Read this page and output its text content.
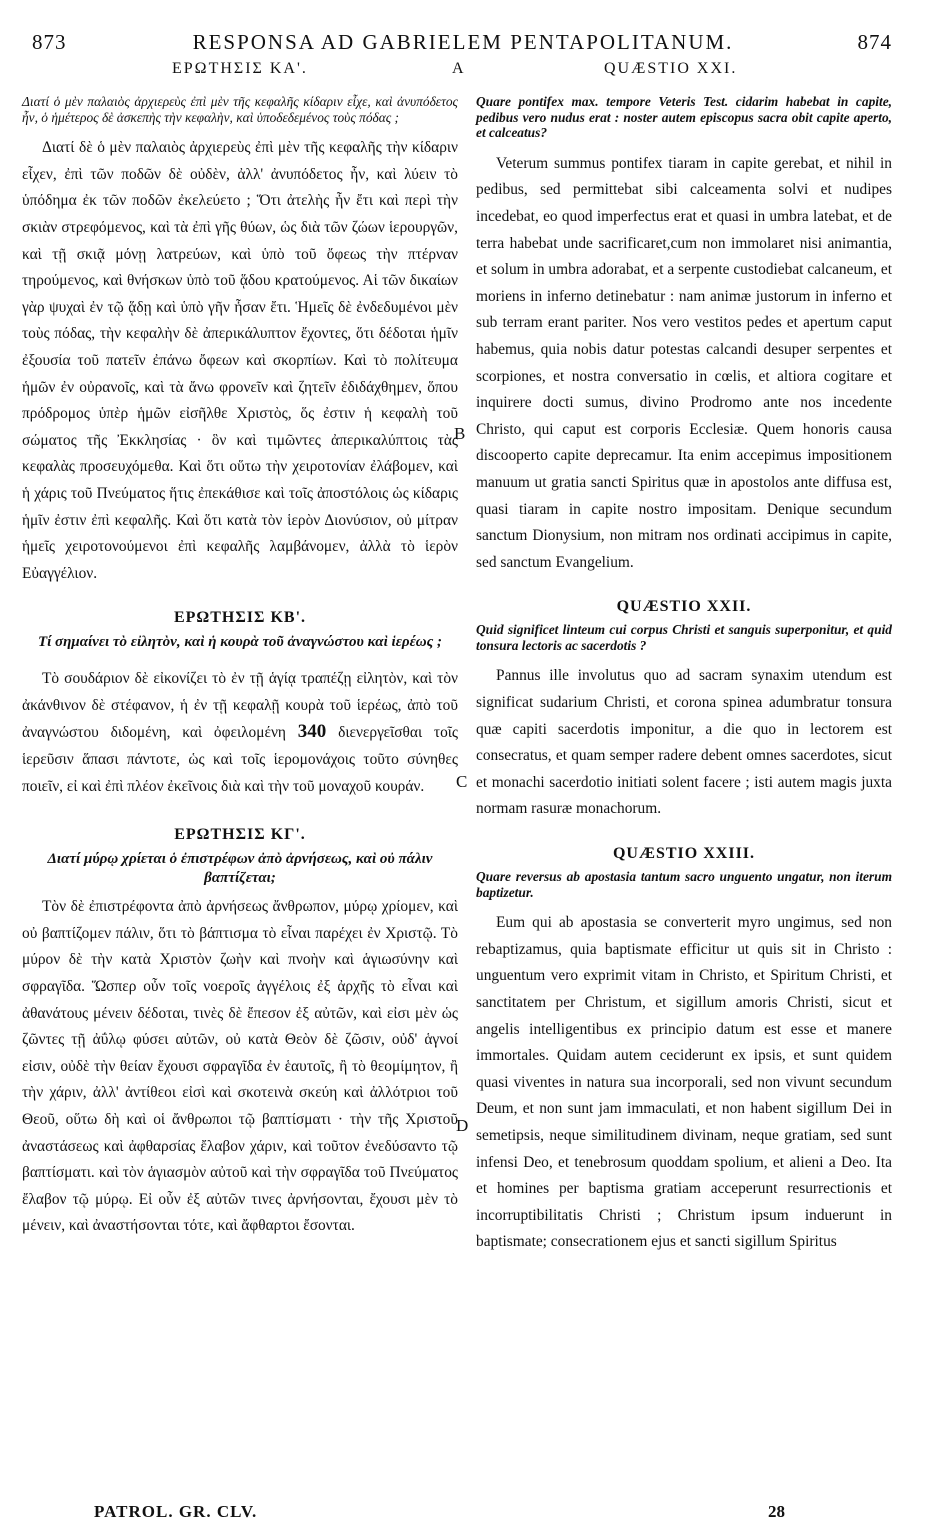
873	RESPONSA AD GABRIELEM PENTAPOLITANUM.	874
ΕΡΩΤΗΣΙΣ ΚΑ'.	A	QUÆSTIO XXI.
B
C
D

Διατί ὁ μὲν παλαιὸς ἀρχιερεὺς ἐπὶ μὲν τῆς κεφαλῆς κίδαριν εἶχε, καὶ ἀνυπόδετος ἦν, ὁ ἡμέτερος δὲ ἀσκεπὴς τὴν κεφαλὴν, καὶ ὑποδεδεμένος τοὺς πόδας ;

Διατί δὲ ὁ μὲν παλαιὸς ἀρχιερεὺς ἐπὶ μὲν τῆς κεφαλῆς τὴν κίδαριν εἶχεν, ἐπὶ τῶν ποδῶν δὲ οὐδὲν, ἀλλ' ἀνυπόδετος ἦν, καὶ λύειν τὸ ὑπόδημα ἐκ τῶν ποδῶν ἐκελεύετο ; Ὅτι ἀτελὴς ἦν ἔτι καὶ περὶ τὴν σκιὰν στρεφόμενος, καὶ τὰ ἐπὶ γῆς θύων, ὡς διὰ τῶν ζώων ἱερουργῶν, καὶ τῇ σκιᾷ μόνῃ λατρεύων, καὶ ὑπὸ τοῦ ὄφεως τὴν πτέρναν τηρούμενος, καὶ θνήσκων ὑπὸ τοῦ ᾅδου κρατούμενος. Αἱ τῶν δικαίων γὰρ ψυχαὶ ἐν τῷ ᾅδῃ καὶ ὑπὸ γῆν ἦσαν ἔτι. Ἡμεῖς δὲ ἐνδεδυμένοι μὲν τοὺς πόδας, τὴν κεφαλὴν δὲ ἀπερικάλυπτον ἔχοντες, ὅτι δέδοται ἡμῖν ἐξουσία τοῦ πατεῖν ἐπάνω ὄφεων καὶ σκορπίων. Καὶ τὸ πολίτευμα ἡμῶν ἐν οὐρανοῖς, καὶ τὰ ἄνω φρονεῖν καὶ ζητεῖν ἐδιδάχθημεν, ὅπου πρόδρομος ὑπὲρ ἡμῶν εἰσῆλθε Χριστὸς, ὅς ἐστιν ἡ κεφαλὴ τοῦ σώματος τῆς Ἐκκλησίας · ὃν καὶ τιμῶντες ἀπερικαλύπτοις τὰς κεφαλὰς προσευχόμεθα. Καὶ ὅτι οὕτω τὴν χειροτονίαν ἐλάβομεν, καὶ ἡ χάρις τοῦ Πνεύματος ἥτις ἐπεκάθισε καὶ τοῖς ἀποστόλοις ὡς κίδαρις ἡμῖν ἐστιν ἐπὶ κεφαλῆς. Καὶ ὅτι κατὰ τὸν ἱερὸν Διονύσιον, οὐ μίτραν ἡμεῖς χειροτονούμενοι ἐπὶ κεφαλῆς λαμβάνομεν, ἀλλὰ τὸ ἱερὸν Εὐαγγέλιον.

ΕΡΩΤΗΣΙΣ ΚΒ'.

Τί σημαίνει τὸ εἰλητὸν, καὶ ἡ κουρὰ τοῦ ἀναγνώστου καὶ ἱερέως ;

Τὸ σουδάριον δὲ εἰκονίζει τὸ ἐν τῇ ἁγίᾳ τραπέζῃ εἰλητὸν, καὶ τὸν ἀκάνθινον δὲ στέφανον, ἡ ἐν τῇ κεφαλῇ κουρὰ τοῦ ἱερέως, ἀπὸ τοῦ ἀναγνώστου διδομένη, καὶ ὀφειλομένη 340 διενεργεῖσθαι τοῖς ἱερεῦσιν ἅπασι πάντοτε, ὡς καὶ τοῖς ἱερομονάχοις τοῦτο σύνηθες ποιεῖν, εἰ καὶ ἐπὶ πλέον ἐκεῖνοις διὰ καὶ τὴν τοῦ μοναχοῦ κουράν.

ΕΡΩΤΗΣΙΣ ΚΓ'.

Διατί μύρῳ χρίεται ὁ ἐπιστρέφων ἀπὸ ἀρνήσεως, καὶ οὐ πάλιν βαπτίζεται;

Τὸν δὲ ἐπιστρέφοντα ἀπὸ ἀρνήσεως ἄνθρωπον, μύρῳ χρίομεν, καὶ οὐ βαπτίζομεν πάλιν, ὅτι τὸ βάπτισμα τὸ εἶναι παρέχει ἐν Χριστῷ. Τὸ μύρον δὲ τὴν κατὰ Χριστὸν ζωὴν καὶ πνοὴν καὶ ἁγιωσύνην καὶ σφραγῖδα. Ὥσπερ οὖν τοῖς νοεροῖς ἀγγέλοις ἐξ ἀρχῆς τὸ εἶναι καὶ ἀθανάτους μένειν δέδοται, τινὲς δὲ ἔπεσον ἐξ αὐτῶν, καὶ εἰσι μὲν ὡς ζῶντες τῇ ἀΰλῳ φύσει αὐτῶν, οὐ κατὰ Θεὸν δὲ ζῶσιν, οὐδ' ἁγνοί εἰσιν, οὐδὲ τὴν θείαν ἔχουσι σφραγῖδα ἐν ἑαυτοῖς, ἢ τὸ θεομίμητον, ἢ τὴν χάριν, ἀλλ' ἀντίθεοι εἰσὶ καὶ σκοτεινὰ σκεύη καὶ ἀλλότριοι τοῦ Θεοῦ, οὕτω δὴ καὶ οἱ ἄνθρωποι τῷ βαπτίσματι · τὴν τῆς Χριστοῦ ἀναστάσεως καὶ ἀφθαρσίας ἔλαβον χάριν, καὶ τοῦτον ἐνεδύσαντο τῷ βαπτίσματι. καὶ τὸν ἁγιασμὸν αὐτοῦ καὶ τὴν σφραγῖδα τοῦ Πνεύματος ἔλαβον τῷ μύρῳ. Εἰ οὖν ἐξ αὐτῶν τινες ἀρνήσονται, ἔχουσι μὲν τὸ μένειν, καὶ ἀναστήσονται τότε, καὶ ἄφθαρτοι ἔσονται.

Quare pontifex max. tempore Veteris Test. cidarim habebat in capite, pedibus vero nudus erat : noster autem episcopus sacra obit capite aperto, et calceatus?

Veterum summus pontifex tiaram in capite gerebat, et nihil in pedibus, sed permittebat sibi calceamenta solvi et nudipes incedebat, eo quod imperfectus erat et quasi in umbra latebat, et de terra habebat unde sacrificaret,cum non immolaret nisi animantia, et solum in umbra adorabat, et a serpente custodiebat calcaneum, et moriens in inferno detinebatur : nam animæ justorum in inferno et sub terram erant pariter. Nos vero vestitos pedes et apertum caput habemus, quia nobis datur potestas calcandi desuper serpentes et scorpiones, et nostra conversatio in cœlis, et altiora cogitare et inquirere docti sumus, divino Prodromo ante nos incedente Christo, qui caput est corporis Ecclesiæ. Quem honoris causa discooperto capite deprecamur. Ita enim accepimus impositionem manuum ut gratia sancti Spiritus quæ in apostolos ante diffusa est, quasi tiaram in capite nostro impositam. Denique secundum sanctum Dionysium, non mitram nos ordinati accipimus in capite, sed sanctum Evangelium.

QUÆSTIO XXII.

Quid significet linteum cui corpus Christi et sanguis superponitur, et quid tonsura lectoris ac sacerdotis ?

Pannus ille involutus quo ad sacram synaxim utendum est significat sudarium Christi, et corona spinea adumbratur tonsura quæ capiti sacerdotis imponitur, a die quo in lectorem est consecratus, et quam semper radere debent omnes sacerdotes, sicut et monachi sacerdotio initiati solent facere ; isti autem magis juxta normam rasuræ monachorum.

QUÆSTIO XXIII.

Quare reversus ab apostasia tantum sacro unguento ungatur, non iterum baptizetur.

Eum qui ab apostasia se converterit myro ungimus, sed non rebaptizamus, quia baptismate efficitur ut quis sit in Christo : unguentum vero exprimit vitam in Christo, et Spiritum Christi, et sanctitatem per Christum, et sigillum amoris Christi, sicut et angelis intelligentibus ex principio datum est esse et manere immortales. Quidam autem ceciderunt ex ipsis, et sunt quidem quasi viventes in natura sua incorporali, sed non vivunt secundum Deum, et non sunt jam immaculati, et non habent sigillum Dei in semetipsis, neque similitudinem divinam, neque gratiam, sed sunt infensi Deo, et tenebrosum quoddam spolium, et alieni a Deo. Ita et homines per baptisma gratiam acceperunt resurrectionis et incorruptibilitatis Christi ; Christum ipsum induerunt in baptismate; consecrationem ejus et sancti sigillum Spiritus

PATROL. GR. CLV.	28
